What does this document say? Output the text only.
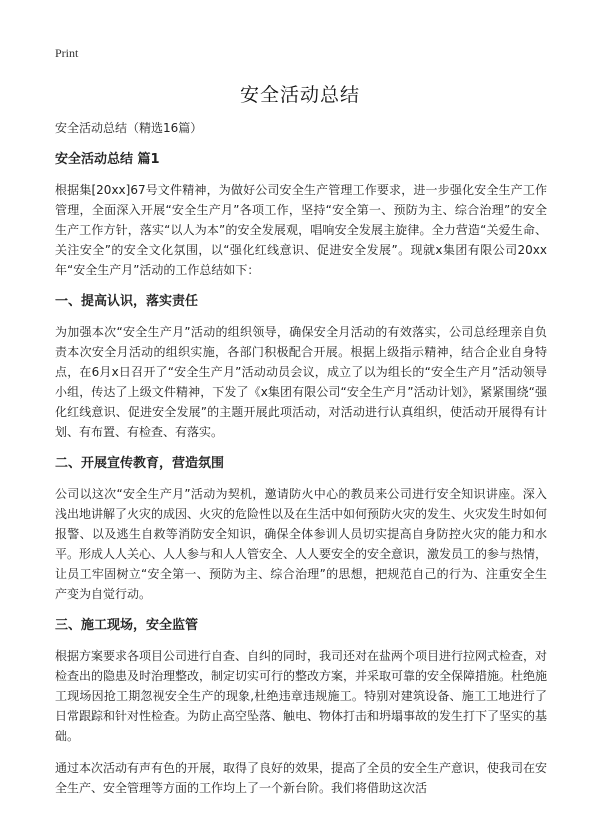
Print
安全活动总结

安全活动总结（精选16篇）

安全活动总结 篇1

根据集[20xx]67号文件精神，为做好公司安全生产管理工作要求，进一步强化安全生产工作管理，全面深入开展“安全生产月”各项工作，坚持“安全第一、预防为主、综合治理”的安全生产工作方针，落实“以人为本”的安全发展观，唱响安全发展主旋律。全力营造“关爱生命、关注安全”的安全文化氛围，以“强化红线意识、促进安全发展”。现就x集团有限公司20xx年“安全生产月”活动的工作总结如下：

一、提高认识，落实责任

为加强本次“安全生产月”活动的组织领导，确保安全月活动的有效落实，公司总经理亲自负责本次安全月活动的组织实施，各部门积极配合开展。根据上级指示精神，结合企业自身特点，在6月x日召开了“安全生产月”活动动员会议，成立了以为组长的“安全生产月”活动领导小组，传达了上级文件精神，下发了《x集团有限公司“安全生产月”活动计划》，紧紧围绕“强化红线意识、促进安全发展”的主题开展此项活动，对活动进行认真组织，使活动开展得有计划、有布置、有检查、有落实。

二、开展宣传教育，营造氛围

公司以这次“安全生产月”活动为契机，邀请防火中心的教员来公司进行安全知识讲座。深入浅出地讲解了火灾的成因、火灾的危险性以及在生活中如何预防火灾的发生、火灾发生时如何报警、以及逃生自救等消防安全知识，确保全体参训人员切实提高自身防控火灾的能力和水平。形成人人关心、人人参与和人人管安全、人人要安全的安全意识，激发员工的参与热情，让员工牢固树立“安全第一、预防为主、综合治理”的思想，把规范自己的行为、注重安全生产变为自觉行动。

三、施工现场，安全监管

根据方案要求各项目公司进行自查、自纠的同时，我司还对在盐两个项目进行拉网式检查，对检查出的隐患及时治理整改，制定切实可行的整改方案，并采取可靠的安全保障措施。杜绝施工现场因抢工期忽视安全生产的现象,杜绝违章违规施工。特别对建筑设备、施工工地进行了日常跟踪和针对性检查。为防止高空坠落、触电、物体打击和坍塌事故的发生打下了坚实的基础。

通过本次活动有声有色的开展，取得了良好的效果，提高了全员的安全生产意识，使我司在安全生产、安全管理等方面的工作均上了一个新台阶。我们将借助这次活
